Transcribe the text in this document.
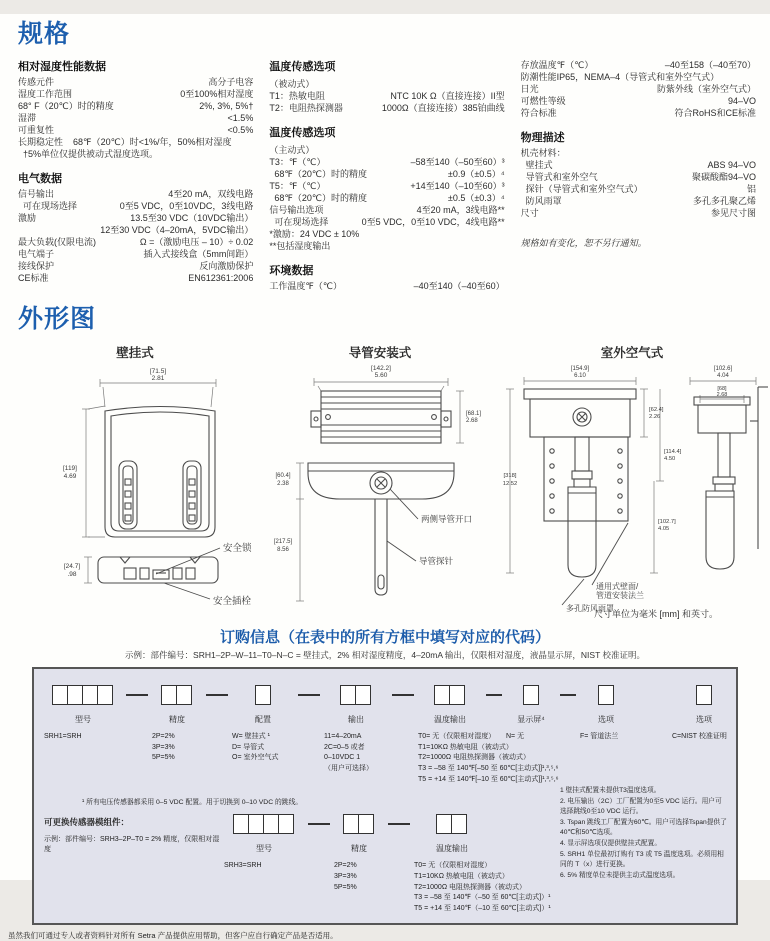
规格
相对湿度性能数据
传感元件	高分子电容
湿度工作范围	0至100%相对湿度
68° F（20℃）时的精度	2%, 3%, 5%†
湿滞	<1.5%
可重复性	<0.5%
长期稳定性    68℉（20℃）时<1%/年，50%相对湿度
†5%单位仅提供被动式湿度选项。
电气数据
信号输出	4至20 mA，双线电路
可在现场选择	0至5 VDC，0至10VDC，3线电路
激励	13.5至30 VDC（10VDC输出）
12至30 VDC（4–20mA，5VDC输出）
最大负载(仅限电流)	Ω =（激励电压 – 10）÷ 0.02
电气端子	插入式接线盒（5mm间距）
接线保护	反向激励保护
CE标准	EN612361:2006
温度传感选项
（被动式）
T1：热敏电阻	NTC 10K Ω（直接连接）II型
T2：电阻热探测器	1000Ω（直接连接）385铂曲线
温度传感选项
（主动式）
T3：℉（℃）	–58至140（–50至60）³
68℉（20℃）时的精度	±0.9（±0.5）⁴
T5：℉（℃）	+14至140（–10至60）³
68℉（20℃）时的精度	±0.5（±0.3）⁴
信号输出选项	4至20 mA，3线电路**
可在现场选择	0至5 VDC，0至10 VDC，4线电路**
*激励：24 VDC ± 10%
**包括湿度输出
环境数据
工作温度℉（℃）	–40至140（–40至60）
存放温度℉（℃）	–40至158（–40至70）
防潮性能IP65，NEMA–4（导管式和室外空气式）
日光	防紫外线（室外空气式）
可燃性等级	94–VO
符合标准	符合RoHS和CE标准
物理描述
机壳材料：
壁挂式	ABS 94–VO
导管式和室外空气	聚碳酸酯94–VO
探针（导管式和室外空气式）	铝
防风雨罩	多孔多孔聚乙烯
尺寸	参见尺寸图
规格如有变化，恕不另行通知。
外形图
壁挂式
[71.5]
2.81
[119]
4.69
[24.7]
.98
安全锁
安全插栓
导管安装式
[142.2]
5.60
[68.1]
2.68
[60.4]
2.38
[217.5]
8.56
两侧导管开口
导管探针
室外空气式
[154.9]
6.10
[62.4]
2.26
[114.4]
4.50
[102.7]
4.05
[318]
12.52
[102.6]
4.04
[68]
2.68
通用式壁面/
管道安装法兰
多孔防风雨罩
尺寸单位为毫米 [mm] 和英寸。
订购信息（在表中的所有方框中填写对应的代码）
示例：部件编号：SRH1–2P–W–11–T0–N–C = 壁挂式，2% 相对湿度精度，4–20mA 输出，仅限相对湿度，液晶显示屏，NIST 校准证明。
型号
SRH1=SRH
精度
2P=2%
3P=3%
5P=5%
配置
W= 壁挂式 ¹
D= 导管式
O= 室外空气式
输出
11=4–20mA
2C=0–5 或者
0–10VDC 1
（用户可选择）
温度输出
T0= 无（仅限相对湿度）
T1=10KΩ 热敏电阻（被动式）
T2=1000Ω 电阻热探测器（被动式）
T3 = –58 至 140℉[–50 至 60℃[主动式]]¹,³,⁵,⁶
T5 = +14 至 140℉[–10 至 60℃[主动式]]¹,³,⁵,⁶
显示屏⁴
N= 无
选项
F= 管道法兰
选项
C=NIST 校准证明
¹ 所有电压传感器都采用 0–5 VDC 配置。用于切换到 0–10 VDC 的跳线。
可更换传感器模组件：
示例：部件编号：SRH3–2P–T0 = 2% 精度，仅限相对湿度	型号
SRH3=SRH
精度
2P=2%
3P=3%
5P=5%
温度输出
T0= 无（仅限相对湿度）
T1=10KΩ 热敏电阻（被动式）
T2=1000Ω 电阻热探测器（被动式）
T3 = –58 至 140℉（–50 至 60℃[主动式]）¹
T5 = +14 至 140℉（–10 至 60℃[主动式]）¹
1 壁挂式配置未提供T3温度选项。
2. 电压输出（2C）工厂配置为0至5 VDC 运行。用户可选择跳线0至10 VDC 运行。
3. Tspan 跳线工厂配置为60℃。用户可选择Tspan提供了40℃和50℃选项。
4. 显示屏选项仅提供壁挂式配置。
5. SRH1 单位最初订购有 T3 或 T5 温度选项。必须用相同的 T（x）进行更换。
6. 5% 精度单位未提供主动式温度选项。
虽然我们可通过专人或者资料针对所有 Setra 产品提供应用帮助，但客户应自行确定产品是否适用。
